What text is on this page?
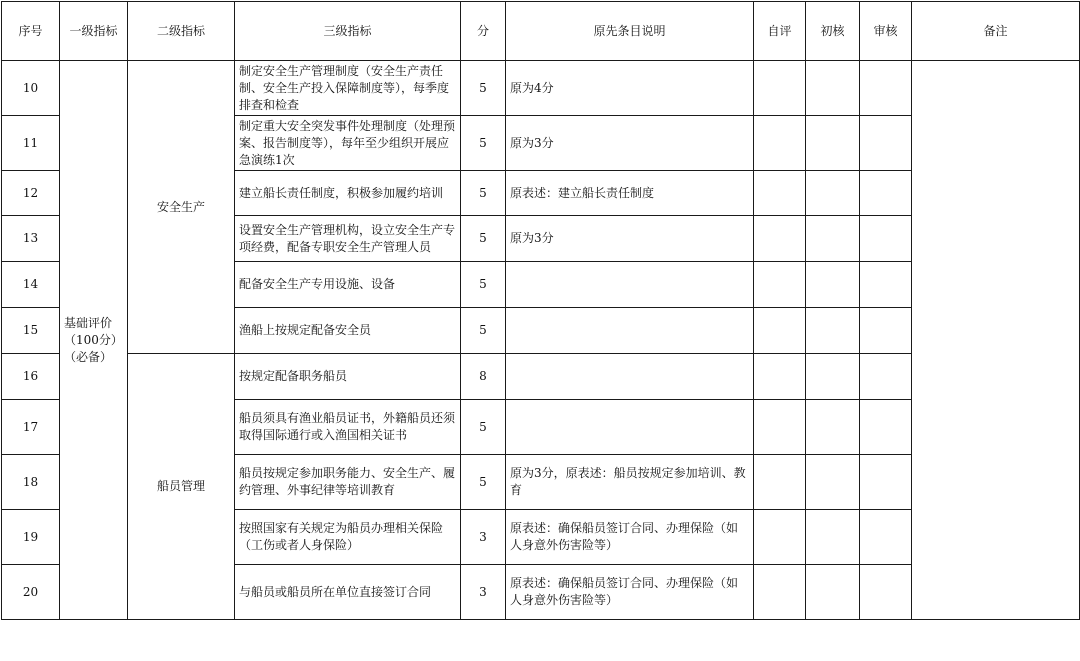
序号	一级指标	二级指标	三级指标	分	原先条目说明	自评	初核	审核	备注
10	基础评价（100分）（必备）	安全生产	制定安全生产管理制度（安全生产责任制、安全生产投入保障制度等），每季度排查和检查	5	原为4分				
11			制定重大安全突发事件处理制度（处理预案、报告制度等），每年至少组织开展应急演练1次	5	原为3分				
12			建立船长责任制度，积极参加履约培训	5	原表述：建立船长责任制度				
13			设置安全生产管理机构，设立安全生产专项经费，配备专职安全生产管理人员	5	原为3分				
14			配备安全生产专用设施、设备	5					
15			渔船上按规定配备安全员	5					
16		船员管理	按规定配备职务船员	8					
17			船员须具有渔业船员证书，外籍船员还须取得国际通行或入渔国相关证书	5					
18			船员按规定参加职务能力、安全生产、履约管理、外事纪律等培训教育	5	原为3分，原表述：船员按规定参加培训、教育				
19			按照国家有关规定为船员办理相关保险（工伤或者人身保险）	3	原表述：确保船员签订合同、办理保险（如人身意外伤害险等）				
20			与船员或船员所在单位直接签订合同	3	原表述：确保船员签订合同、办理保险（如人身意外伤害险等）				
